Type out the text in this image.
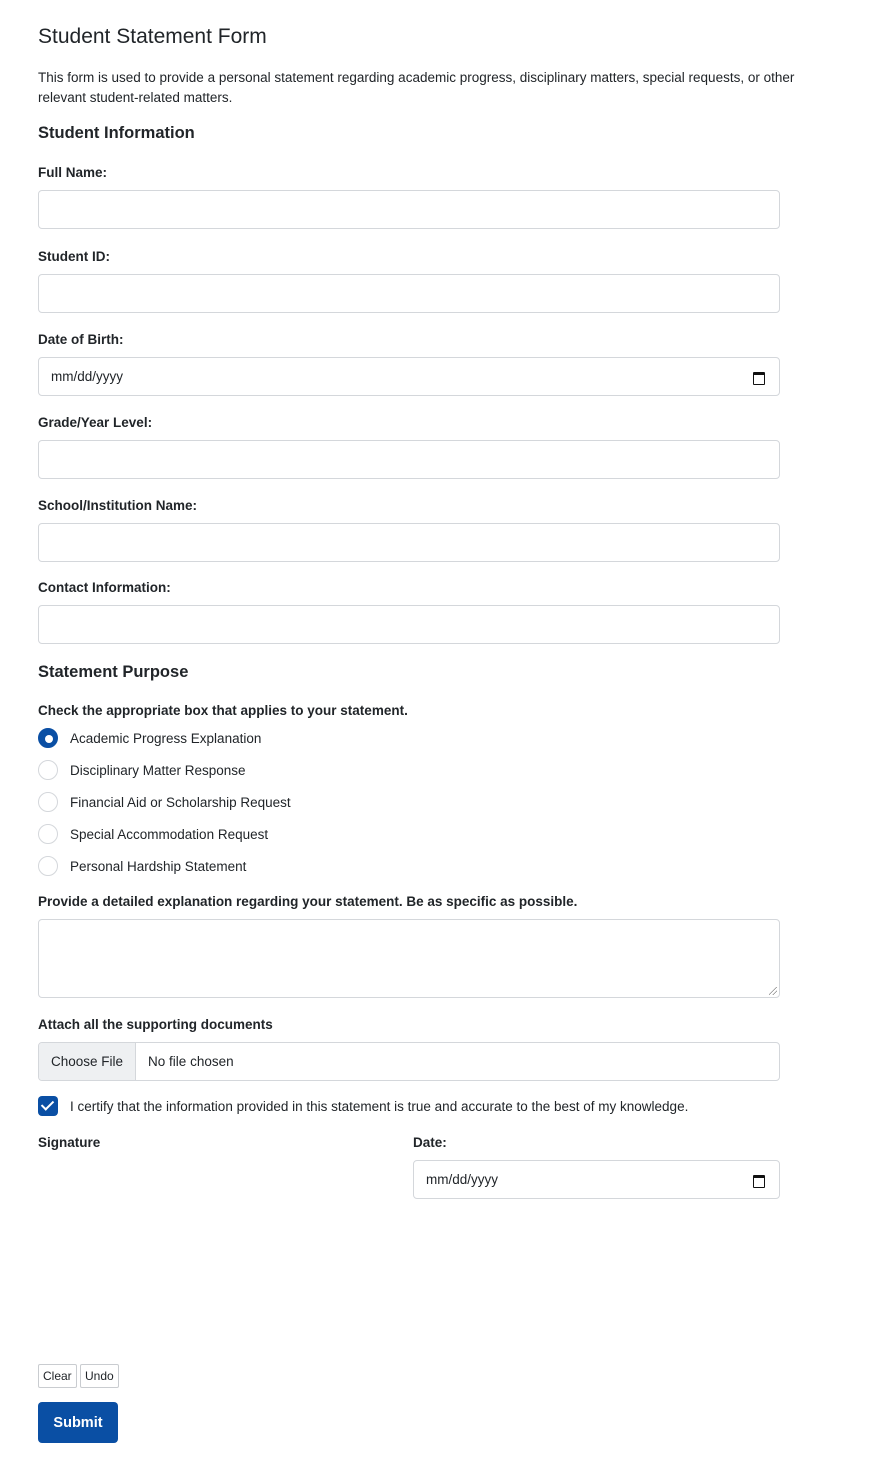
Student Statement Form

This form is used to provide a personal statement regarding academic progress, disciplinary matters, special requests, or other relevant student-related matters.

Student Information
Full Name:
Student ID:
Date of Birth:
mm/dd/yyyy
Grade/Year Level:
School/Institution Name:
Contact Information:
Statement Purpose
Check the appropriate box that applies to your statement.
Academic Progress Explanation
Disciplinary Matter Response
Financial Aid or Scholarship Request
Special Accommodation Request
Personal Hardship Statement
Provide a detailed explanation regarding your statement. Be as specific as possible.
Attach all the supporting documents
Choose File	No file chosen
I certify that the information provided in this statement is true and accurate to the best of my knowledge.
Signature	Date:
mm/dd/yyyy
Clear	Undo
Submit
